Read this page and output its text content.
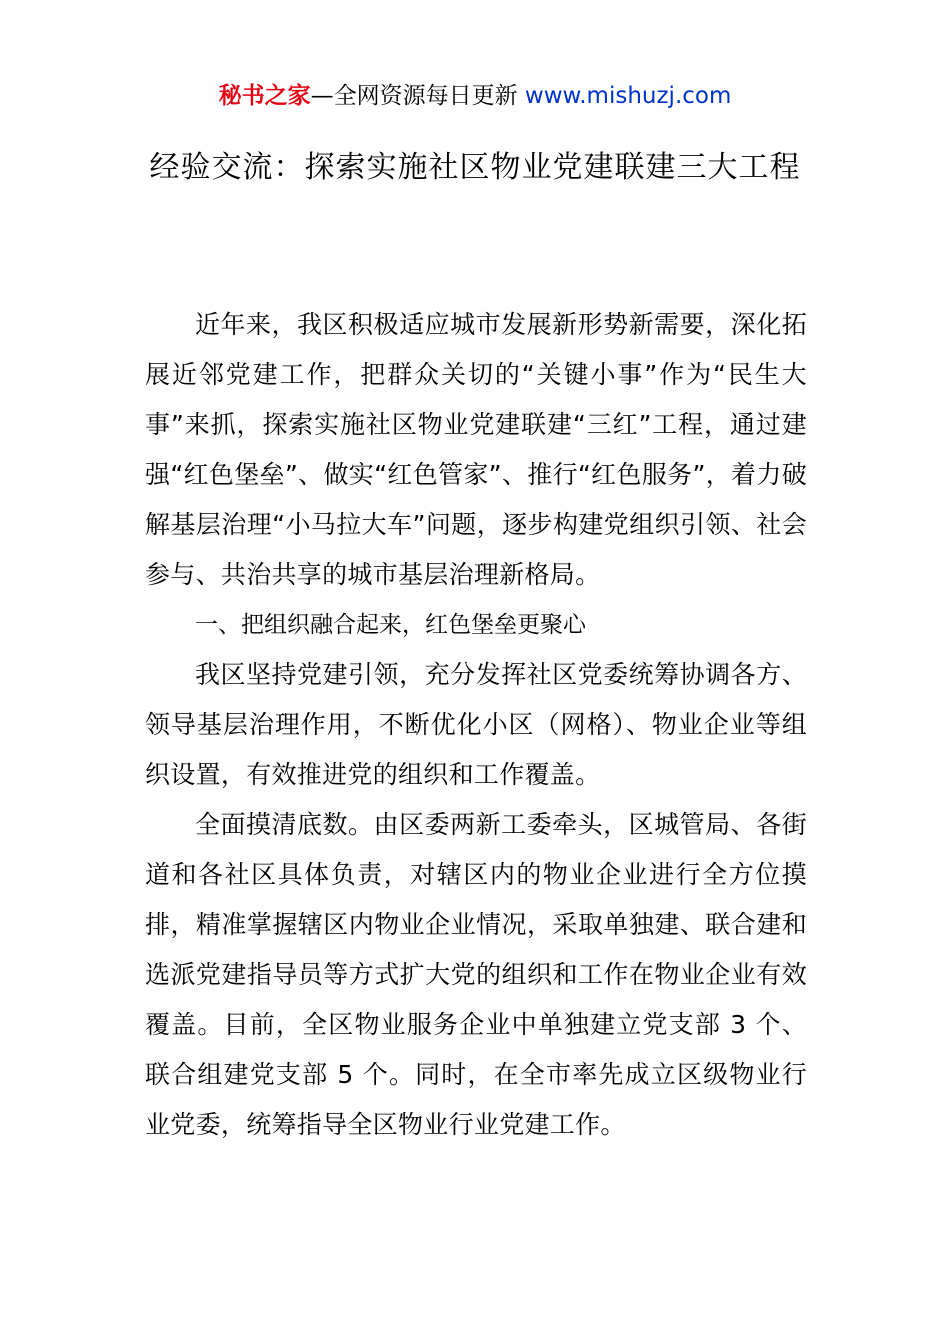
秘书之家—全网资源每日更新 www.mishuzj.com
经验交流：探索实施社区物业党建联建三大工程

近年来，我区积极适应城市发展新形势新需要，深化拓展近邻党建工作，把群众关切的“关键小事”作为“民生大事”来抓，探索实施社区物业党建联建“三红”工程，通过建强“红色堡垒”、做实“红色管家”、推行“红色服务”，着力破解基层治理“小马拉大车”问题，逐步构建党组织引领、社会参与、共治共享的城市基层治理新格局。

一、把组织融合起来，红色堡垒更聚心

我区坚持党建引领，充分发挥社区党委统筹协调各方、领导基层治理作用，不断优化小区（网格）、物业企业等组织设置，有效推进党的组织和工作覆盖。

全面摸清底数。由区委两新工委牵头，区城管局、各街道和各社区具体负责，对辖区内的物业企业进行全方位摸排，精准掌握辖区内物业企业情况，采取单独建、联合建和选派党建指导员等方式扩大党的组织和工作在物业企业有效覆盖。目前，全区物业服务企业中单独建立党支部 3 个、联合组建党支部 5 个。同时，在全市率先成立区级物业行业党委，统筹指导全区物业行业党建工作。
